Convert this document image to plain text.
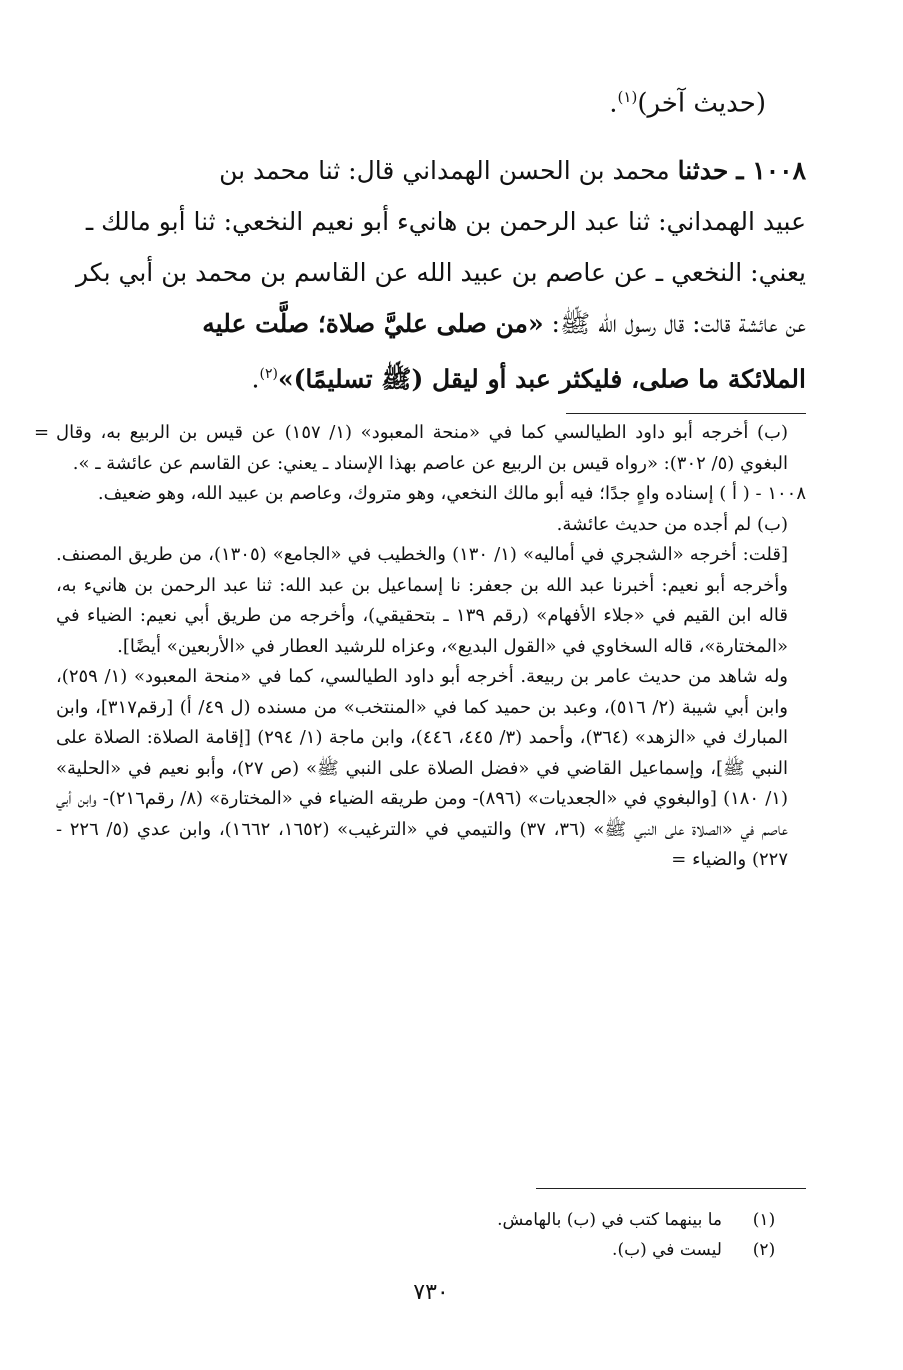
(حديث آخر)$^{(١)}$.

١٠٠٨ ـ حدثنا محمد بن الحسن الهمداني قال: ثنا محمد بن

عبيد الهمداني: ثنا عبد الرحمن بن هانيء أبو نعيم النخعي: ثنا أبو مالك ـ

يعني: النخعي ـ عن عاصم بن عبيد الله عن القاسم بن محمد بن أبي بكر

عن عائشة قالت: قال رسول الله ﷺ: «من صلى عليَّ صلاة؛ صلَّت عليه

الملائكة ما صلى، فليكثر عبد أو ليقل (ﷺ تسليمًا)»$^{(٢)}$.

= (ب) أخرجه أبو داود الطيالسي كما في «منحة المعبود» (١/ ١٥٧) عن قيس بن الربيع به، وقال البغوي (٥/ ٣٠٢): «رواه قيس بن الربيع عن عاصم بهذا الإسناد ـ يعني: عن القاسم عن عائشة ـ ».

١٠٠٨ - ( أ ) إسناده واهٍ جدًا؛ فيه أبو مالك النخعي، وهو متروك، وعاصم بن عبيد الله، وهو ضعيف.

(ب) لم أجده من حديث عائشة.

[قلت: أخرجه «الشجري في أماليه» (١/ ١٣٠) والخطيب في «الجامع» (١٣٠٥)، من طريق المصنف. وأخرجه أبو نعيم: أخبرنا عبد الله بن جعفر: نا إسماعيل بن عبد الله: ثنا عبد الرحمن بن هانيء به، قاله ابن القيم في «جلاء الأفهام» (رقم ١٣٩ ـ بتحقيقي)، وأخرجه من طريق أبي نعيم: الضياء في «المختارة»، قاله السخاوي في «القول البديع»، وعزاه للرشيد العطار في «الأربعين» أيضًا].

وله شاهد من حديث عامر بن ربيعة. أخرجه أبو داود الطيالسي، كما في «منحة المعبود» (١/ ٢٥٩)، وابن أبي شيبة (٢/ ٥١٦)، وعبد بن حميد كما في «المنتخب» من مسنده (ل ٤٩/ أ) [رقم٣١٧]، وابن المبارك في «الزهد» (٣٦٤)، وأحمد (٣/ ٤٤٥، ٤٤٦)، وابن ماجة (١/ ٢٩٤) [إقامة الصلاة: الصلاة على النبي ﷺ]، وإسماعيل القاضي في «فضل الصلاة على النبي ﷺ» (ص ٢٧)، وأبو نعيم في «الحلية» (١/ ١٨٠) [والبغوي في «الجعديات» (٨٩٦)- ومن طريقه الضياء في «المختارة» (٨/ رقم٢١٦)- وابن أبي عاصم في «الصلاة على النبي ﷺ» (٣٦، ٣٧) والتيمي في «الترغيب» (١٦٥٢، ١٦٦٢)، وابن عدي (٥/ ٢٢٦ - ٢٢٧) والضياء =

(١)
ما بينهما كتب في (ب) بالهامش.
(٢)
ليست في (ب).
٧٣٠
